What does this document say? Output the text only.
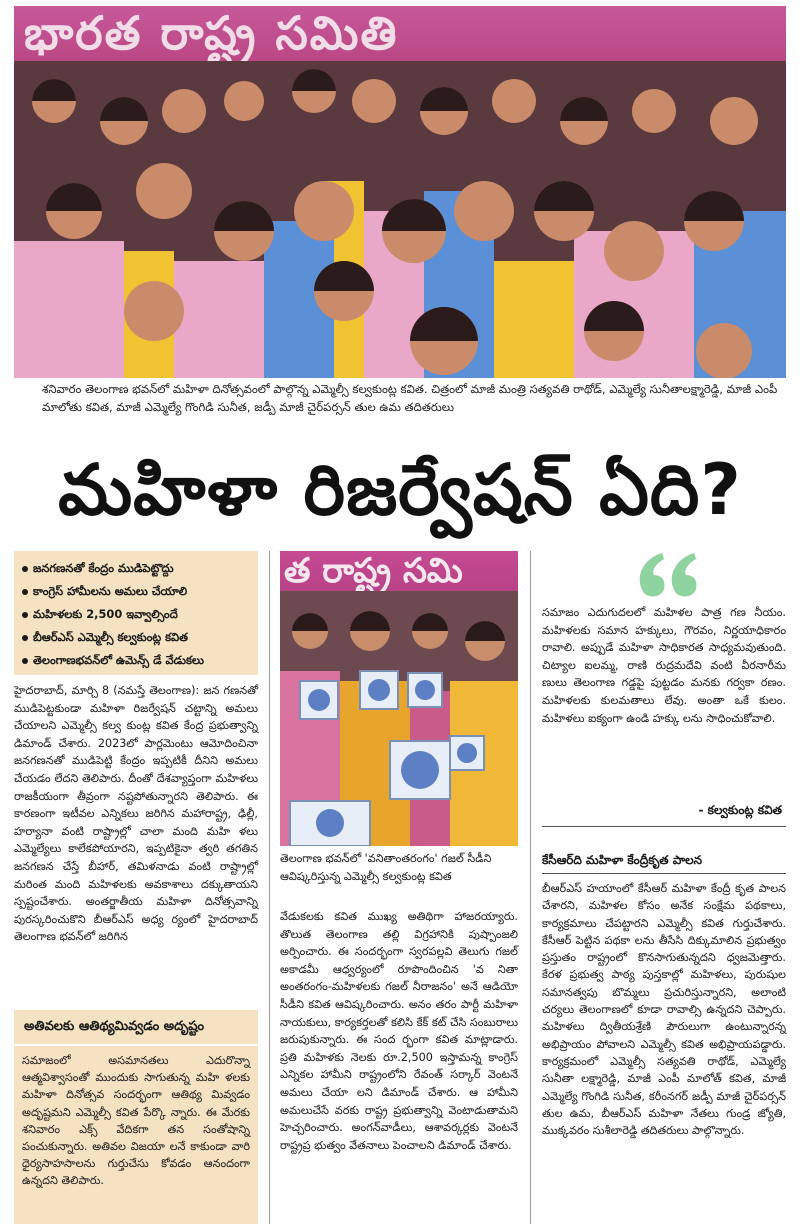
భారత రాష్ట్ర సమితి
శనివారం తెలంగాణ భవన్‌లో మహిళా దినోత్సవంలో పాల్గొన్న ఎమ్మెల్సీ కల్వకుంట్ల కవిత. చిత్రంలో మాజీ మంత్రి సత్యవతి రాథోడ్, ఎమ్మెల్యే సునీతాలక్ష్మారెడ్డి, మాజీ ఎంపీ మాలోతు కవిత, మాజీ ఎమ్మెల్యే గొంగిడి సునీత, జడ్పీ మాజీ చైర్‌పర్సన్ తుల ఉమ తదితరులు
మహిళా రిజర్వేషన్ ఏది?
జనగణనతో కేంద్రం ముడిపెట్టొద్దు
కాంగ్రెస్ హామీలను అమలు చేయాలి
మహిళలకు 2,500 ఇవ్వాల్సిందే
బీఆర్‌ఎస్ ఎమ్మెల్సీ కల్వకుంట్ల కవిత
తెలంగాణభవన్‌లో ఉమెన్స్ డే వేడుకలు
హైదరాబాద్, మార్చి 8 (నమస్తే తెలంగాణ): జన గణనతో ముడిపెట్టకుండా మహిళా రిజర్వేషన్ చట్టాన్ని అమలు చేయాలని ఎమ్మెల్సీ కల్వ కుంట్ల కవిత కేంద్ర ప్రభుత్వాన్ని డిమాండ్ చేశారు. 2023లో పార్లమెంటు ఆమోదించినా జనగణనతో ముడిపెట్టి కేంద్రం ఇప్పటికీ దీనిని అమలు చేయడం లేదని తెలిపారు. దీంతో దేశవ్యాప్తంగా మహిళలు రాజకీయంగా తీవ్రంగా నష్టపోతున్నారని తెలిపారు. ఈ కారణంగా ఇటీవల ఎన్నికలు జరిగిన మహారాష్ట్ర, ఢిల్లీ, హర్యానా వంటి రాష్ట్రాల్లో చాలా మంది మహి ళలు ఎమ్మెల్యేలు కాలేకపోయారని, ఇప్పటికైనా త్వరి తగతిన జనగణన చేస్తే బీహార్, తమిళనాడు వంటి రాష్ట్రాల్లో మరింత మంది మహిళలకు అవకాశాలు దక్కుతాయని స్పష్టంచేశారు. అంతర్జాతీయ మహిళా దినోత్సవాన్ని పురస్కరించుకొని బీఆర్‌ఎస్ అధ్య ర్యంలో హైదరాబాద్ తెలంగాణ భవన్‌లో జరిగిన
అతివలకు ఆతిథ్యమివ్వడం అదృష్టం
సమాజంలో అసమానతలు ఎదురొన్నా ఆత్మవిశ్వాసంతో ముందుకు సాగుతున్న మహి ళలకు మహిళా దినోత్సవ సందర్భంగా ఆతిథ్య మివ్వడం అదృష్టమని ఎమ్మెల్సీ కవిత పేర్కొ న్నారు. ఈ మేరకు శనివారం ఎక్స్ వేదికగా తన సంతోషాన్ని పంచుకున్నారు. అతివల విజయా లనే కాకుండా వారి ధైర్యసాహసాలను గుర్తుచేసు కోవడం ఆనందంగా ఉన్నదని తెలిపారు.
త రాష్ట్ర సమి
తెలంగాణ భవన్‌లో 'వనితాంతరంగం' గజల్ సీడీని ఆవిష్కరిస్తున్న ఎమ్మెల్సీ కల్వకుంట్ల కవిత
వేడుకలకు కవిత ముఖ్య అతిథిగా హాజరయ్యారు. తొలుత తెలంగాణ తల్లి విగ్రహానికి పుష్పాంజలి అర్పించారు. ఈ సందర్భంగా స్వరపల్లవి తెలుగు గజల్ అకాడమీ ఆధ్వర్యంలో రూపొందించిన 'వ నితా అంతరంగం-మహిళలకు గజల్ నీరాజనం' అనే ఆడియో సీడీని కవిత ఆవిష్కరించారు. అనం తరం పార్టీ మహిళా నాయకులు, కార్యకర్తలతో కలిసి కేక్ కట్ చేసి సంబురాలు జరుపుకున్నారు. ఈ సంద ర్భంగా కవిత మాట్లాడారు. ప్రతి మహిళకు నెలకు రూ.2,500 ఇస్తామన్న కాంగ్రెస్ ఎన్నికల హామీని రాష్ట్రంలోని రేవంత్ సర్కార్ వెంటనే అమలు చేయా లని డిమాండ్ చేశారు. ఆ హామీని అమలుచేసే వరకు రాష్ట్ర ప్రభుత్వాన్ని వెంటాడుతామని హెచ్చరించారు. అంగన్‌వాడీలు, ఆశావర్కర్లకు వెంటనే రాష్ట్రప్ర భుత్వం వేతనాలు పెంచాలని డిమాండ్ చేశారు.
సమాజం ఎదుగుదలలో మహిళల పాత్ర గణ నీయం. మహిళలకు సమాన హక్కులు, గౌరవం, నిర్ణయాధికారం రావాలి. అప్పుడే మహిళా సాధికారత సాధ్యమవుతుంది. చిట్యాల ఐలమ్మ, రాణి రుద్రమదేవి వంటి వీరనారీమ ణులు తెలంగాణ గడ్డపై పుట్టడం మనకు గర్వకా రణం. మహిళలకు కులమతాలు లేవు. అంతా ఒకే కులం. మహిళలు ఐక్యంగా ఉండి హక్కు లను సాధించుకోవాలి.
- కల్వకుంట్ల కవిత
కేసీఆర్‌ది మహిళా కేంద్రీకృత పాలన
బీఆర్‌ఎస్ హయాంలో కేసీఆర్ మహిళా కేంద్రీ కృత పాలన చేశారని, మహిళల కోసం అనేక సంక్షేమ పథకాలు, కార్యక్రమాలు చేపట్టారని ఎమ్మెల్సీ కవిత గుర్తుచేశారు. కేసీఆర్ పెట్టిన పథకా లను తీసేసి దిక్కుమాలిన ప్రభుత్వం ప్రస్తుతం రాష్ట్రంలో కొనసాగుతున్నదని ధ్వజమెత్తారు. కేరళ ప్రభుత్వ పాఠ్య పుస్తకాల్లో మహిళలు, పురుషుల సమానత్వపు బొమ్మలు ప్రచురిస్తున్నారని, అలాంటి చర్యలు తెలంగాణలో కూడా రావాల్సి ఉన్నదని చెప్పారు. మహిళలు ద్వితీయశ్రేణి పౌరులుగా ఉంటున్నారన్న అభిప్రాయం పోవాలని ఎమ్మెల్సీ కవిత అభిప్రాయపడ్డారు. కార్యక్రమంలో ఎమ్మెల్సీ సత్యవతి రాథోడ్, ఎమ్మెల్యే సునీతా లక్ష్మారెడ్డి, మాజీ ఎంపీ మాలోత్ కవిత, మాజీ ఎమ్మెల్యే గొంగిడి సునీత, కరీంనగర్ జడ్పీ మాజీ చైర్‌పర్సన్ తుల ఉమ, బీఆర్‌ఎస్ మహిళా నేతలు గుండ్ర జ్యోతి, ముక్కవరం సుశీలారెడ్డి తదితరులు పాల్గొన్నారు.
